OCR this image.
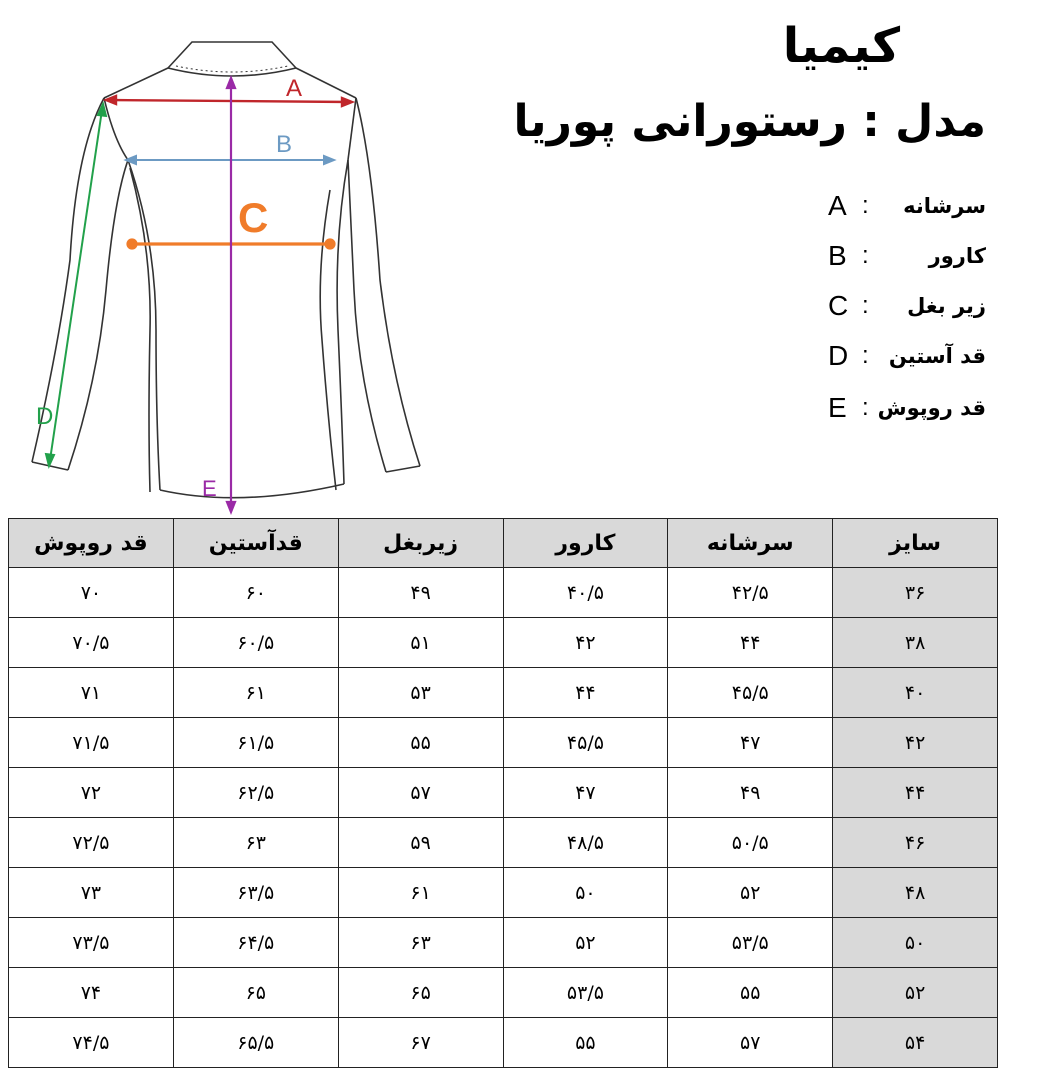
A
B
C
D
E
کیمیا
مدل : رستورانی پوریا
A : سرشانه
B :	کارور
C : زیر بغل
D : قد آستین
E : قد روپوش
سایز	سرشانه	کارور	زیربغل	قدآستین	قد روپوش
۳۶	۴۲/۵	۴۰/۵	۴۹	۶۰	۷۰
۳۸	۴۴	۴۲	۵۱	۶۰/۵	۷۰/۵
۴۰	۴۵/۵	۴۴	۵۳	۶۱	۷۱
۴۲	۴۷	۴۵/۵	۵۵	۶۱/۵	۷۱/۵
۴۴	۴۹	۴۷	۵۷	۶۲/۵	۷۲
۴۶	۵۰/۵	۴۸/۵	۵۹	۶۳	۷۲/۵
۴۸	۵۲	۵۰	۶۱	۶۳/۵	۷۳
۵۰	۵۳/۵	۵۲	۶۳	۶۴/۵	۷۳/۵
۵۲	۵۵	۵۳/۵	۶۵	۶۵	۷۴
۵۴	۵۷	۵۵	۶۷	۶۵/۵	۷۴/۵
